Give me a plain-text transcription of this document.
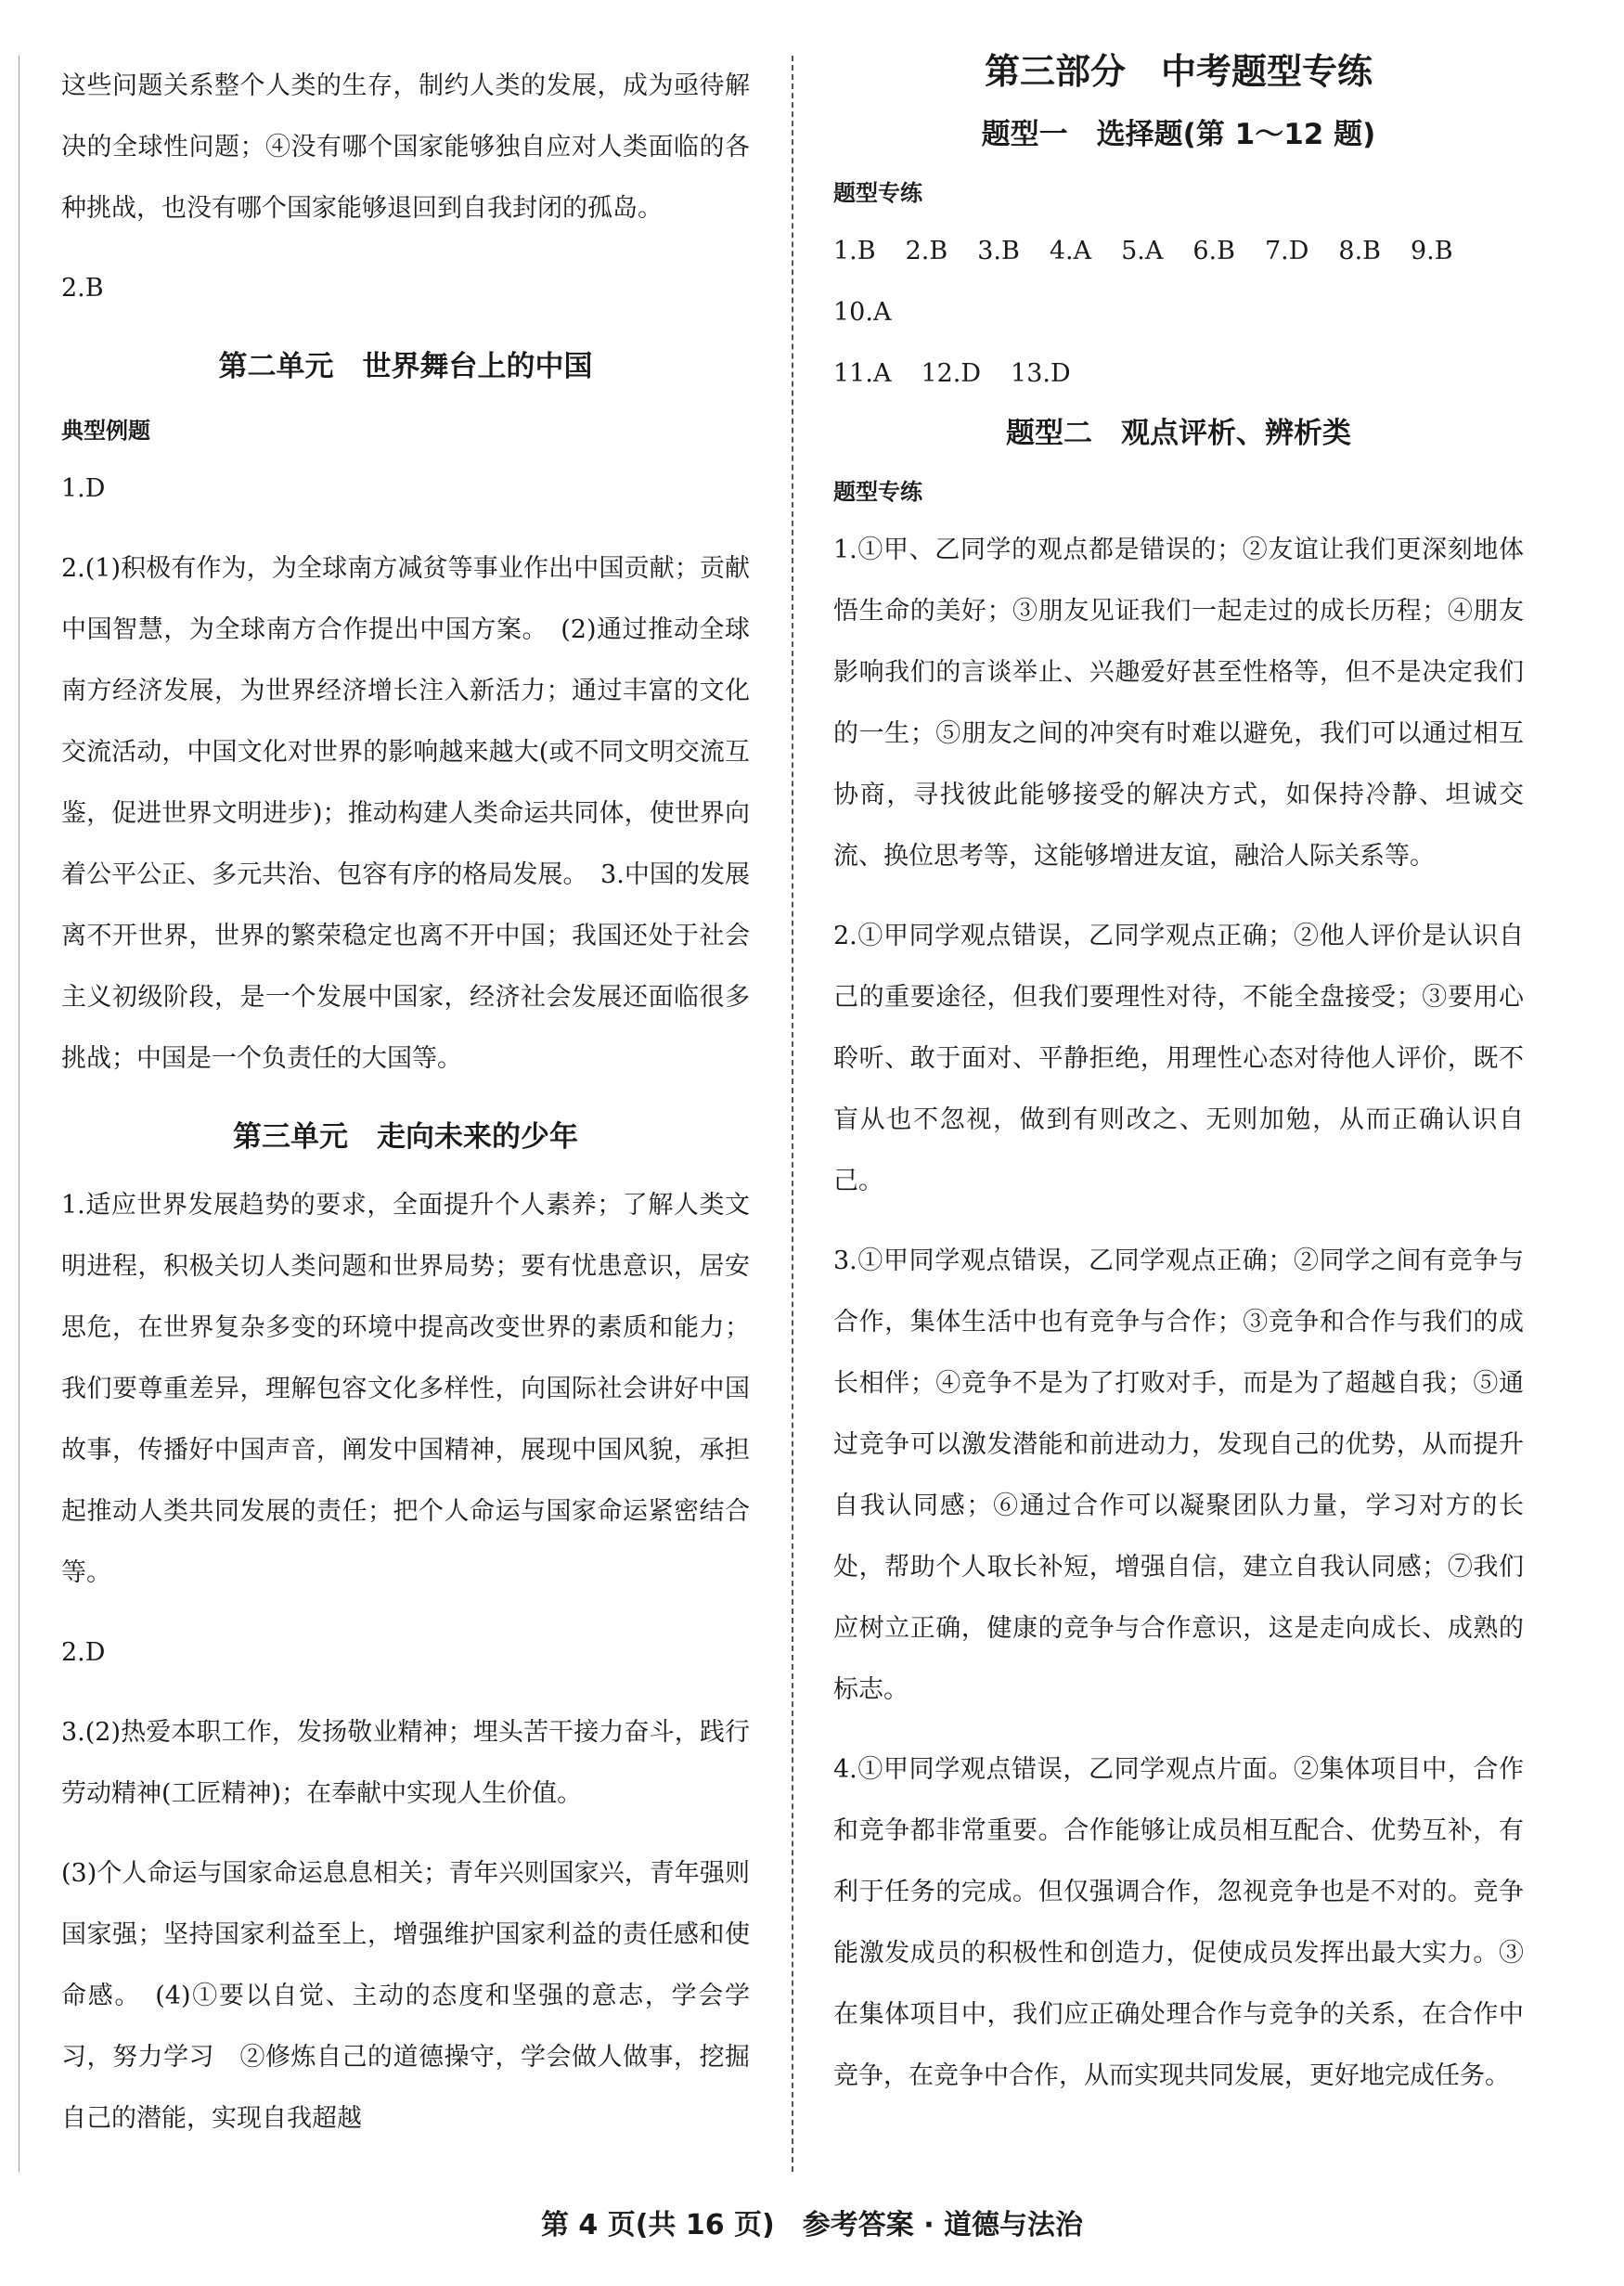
这些问题关系整个人类的生存，制约人类的发展，成为亟待解决的全球性问题；④没有哪个国家能够独自应对人类面临的各种挑战，也没有哪个国家能够退回到自我封闭的孤岛。

2.B

第二单元　世界舞台上的中国
典型例题

1.D

2.(1)积极有作为，为全球南方减贫等事业作出中国贡献；贡献中国智慧，为全球南方合作提出中国方案。　(2)通过推动全球南方经济发展，为世界经济增长注入新活力；通过丰富的文化交流活动，中国文化对世界的影响越来越大(或不同文明交流互鉴，促进世界文明进步)；推动构建人类命运共同体，使世界向着公平公正、多元共治、包容有序的格局发展。　3.中国的发展离不开世界，世界的繁荣稳定也离不开中国；我国还处于社会主义初级阶段，是一个发展中国家，经济社会发展还面临很多挑战；中国是一个负责任的大国等。

第三单元　走向未来的少年

1.适应世界发展趋势的要求，全面提升个人素养；了解人类文明进程，积极关切人类问题和世界局势；要有忧患意识，居安思危，在世界复杂多变的环境中提高改变世界的素质和能力；我们要尊重差异，理解包容文化多样性，向国际社会讲好中国故事，传播好中国声音，阐发中国精神，展现中国风貌，承担起推动人类共同发展的责任；把个人命运与国家命运紧密结合等。

2.D

3.(2)热爱本职工作，发扬敬业精神；埋头苦干接力奋斗，践行劳动精神(工匠精神)；在奉献中实现人生价值。

(3)个人命运与国家命运息息相关；青年兴则国家兴，青年强则国家强；坚持国家利益至上，增强维护国家利益的责任感和使命感。　(4)①要以自觉、主动的态度和坚强的意志，学会学习，努力学习　②修炼自己的道德操守，学会做人做事，挖掘自己的潜能，实现自我超越

第三部分　中考题型专练
题型一　选择题(第 1～12 题)
题型专练
1.B 2.B 3.B 4.A 5.A 6.B 7.D 8.B 9.B10.A
11.A 12.D 13.D
题型二　观点评析、辨析类
题型专练

1.①甲、乙同学的观点都是错误的；②友谊让我们更深刻地体悟生命的美好；③朋友见证我们一起走过的成长历程；④朋友影响我们的言谈举止、兴趣爱好甚至性格等，但不是决定我们的一生；⑤朋友之间的冲突有时难以避免，我们可以通过相互协商，寻找彼此能够接受的解决方式，如保持冷静、坦诚交流、换位思考等，这能够增进友谊，融洽人际关系等。

2.①甲同学观点错误，乙同学观点正确；②他人评价是认识自己的重要途径，但我们要理性对待，不能全盘接受；③要用心聆听、敢于面对、平静拒绝，用理性心态对待他人评价，既不盲从也不忽视，做到有则改之、无则加勉，从而正确认识自己。

3.①甲同学观点错误，乙同学观点正确；②同学之间有竞争与合作，集体生活中也有竞争与合作；③竞争和合作与我们的成长相伴；④竞争不是为了打败对手，而是为了超越自我；⑤通过竞争可以激发潜能和前进动力，发现自己的优势，从而提升自我认同感；⑥通过合作可以凝聚团队力量，学习对方的长处，帮助个人取长补短，增强自信，建立自我认同感；⑦我们应树立正确，健康的竞争与合作意识，这是走向成长、成熟的标志。

4.①甲同学观点错误，乙同学观点片面。②集体项目中，合作和竞争都非常重要。合作能够让成员相互配合、优势互补，有利于任务的完成。但仅强调合作，忽视竞争也是不对的。竞争能激发成员的积极性和创造力，促使成员发挥出最大实力。③在集体项目中，我们应正确处理合作与竞争的关系，在合作中竞争，在竞争中合作，从而实现共同发展，更好地完成任务。

第 4 页(共 16 页)　参考答案 · 道德与法治
